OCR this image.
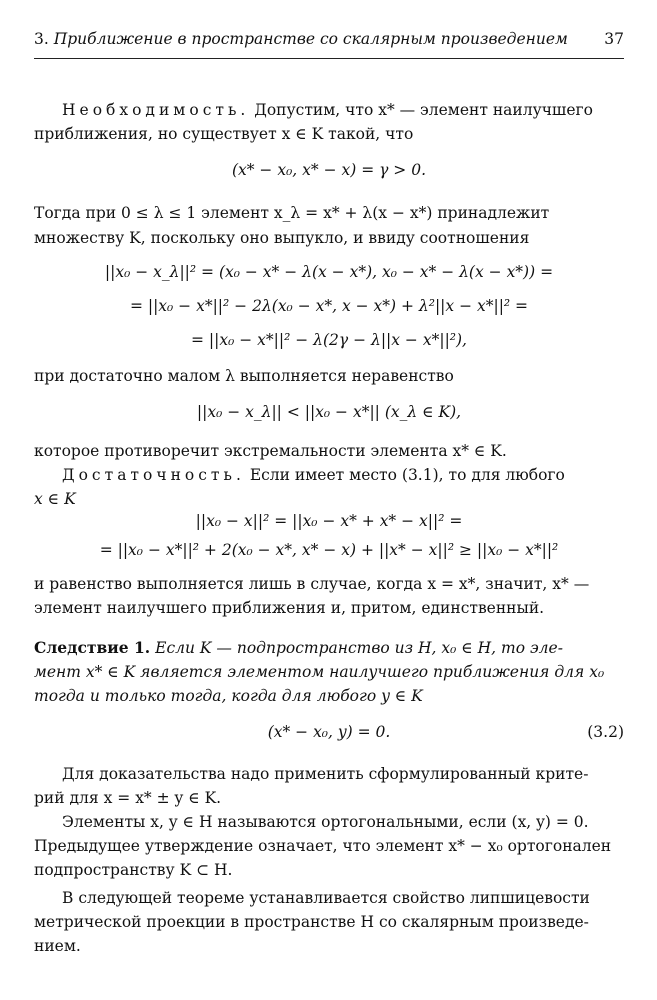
3. Приближение в пространстве со скалярным произведением 37
Необходимость. Допустим, что x* — элемент наилучшего
приближения, но существует x ∈ K такой, что
(x* − x₀, x* − x) = γ > 0.
Тогда при 0 ≤ λ ≤ 1 элемент x_λ = x* + λ(x − x*) принадлежит
множеству K, поскольку оно выпукло, и ввиду соотношения
||x₀ − x_λ||² = (x₀ − x* − λ(x − x*), x₀ − x* − λ(x − x*)) =
= ||x₀ − x*||² − 2λ(x₀ − x*, x − x*) + λ²||x − x*||² =
= ||x₀ − x*||² − λ(2γ − λ||x − x*||²),
при достаточно малом λ выполняется неравенство
||x₀ − x_λ|| < ||x₀ − x*|| (x_λ ∈ K),
которое противоречит экстремальности элемента x* ∈ K.
Достаточность. Если имеет место (3.1), то для любого
x ∈ K
||x₀ − x||² = ||x₀ − x* + x* − x||² =
= ||x₀ − x*||² + 2(x₀ − x*, x* − x) + ||x* − x||² ≥ ||x₀ − x*||²
и равенство выполняется лишь в случае, когда x = x*, значит, x* —
элемент наилучшего приближения и, притом, единственный.
Следствие 1. Если K — подпространство из H, x₀ ∈ H, то эле-
мент x* ∈ K является элементом наилучшего приближения для x₀
тогда и только тогда, когда для любого y ∈ K
(x* − x₀, y) = 0.	(3.2)
Для доказательства надо применить сформулированный крите-
рий для x = x* ± y ∈ K.
Элементы x, y ∈ H называются ортогональными, если (x, y) = 0.
Предыдущее утверждение означает, что элемент x* − x₀ ортогонален
подпространству K ⊂ H.
В следующей теореме устанавливается свойство липшицевости
метрической проекции в пространстве H со скалярным произведе-
нием.
